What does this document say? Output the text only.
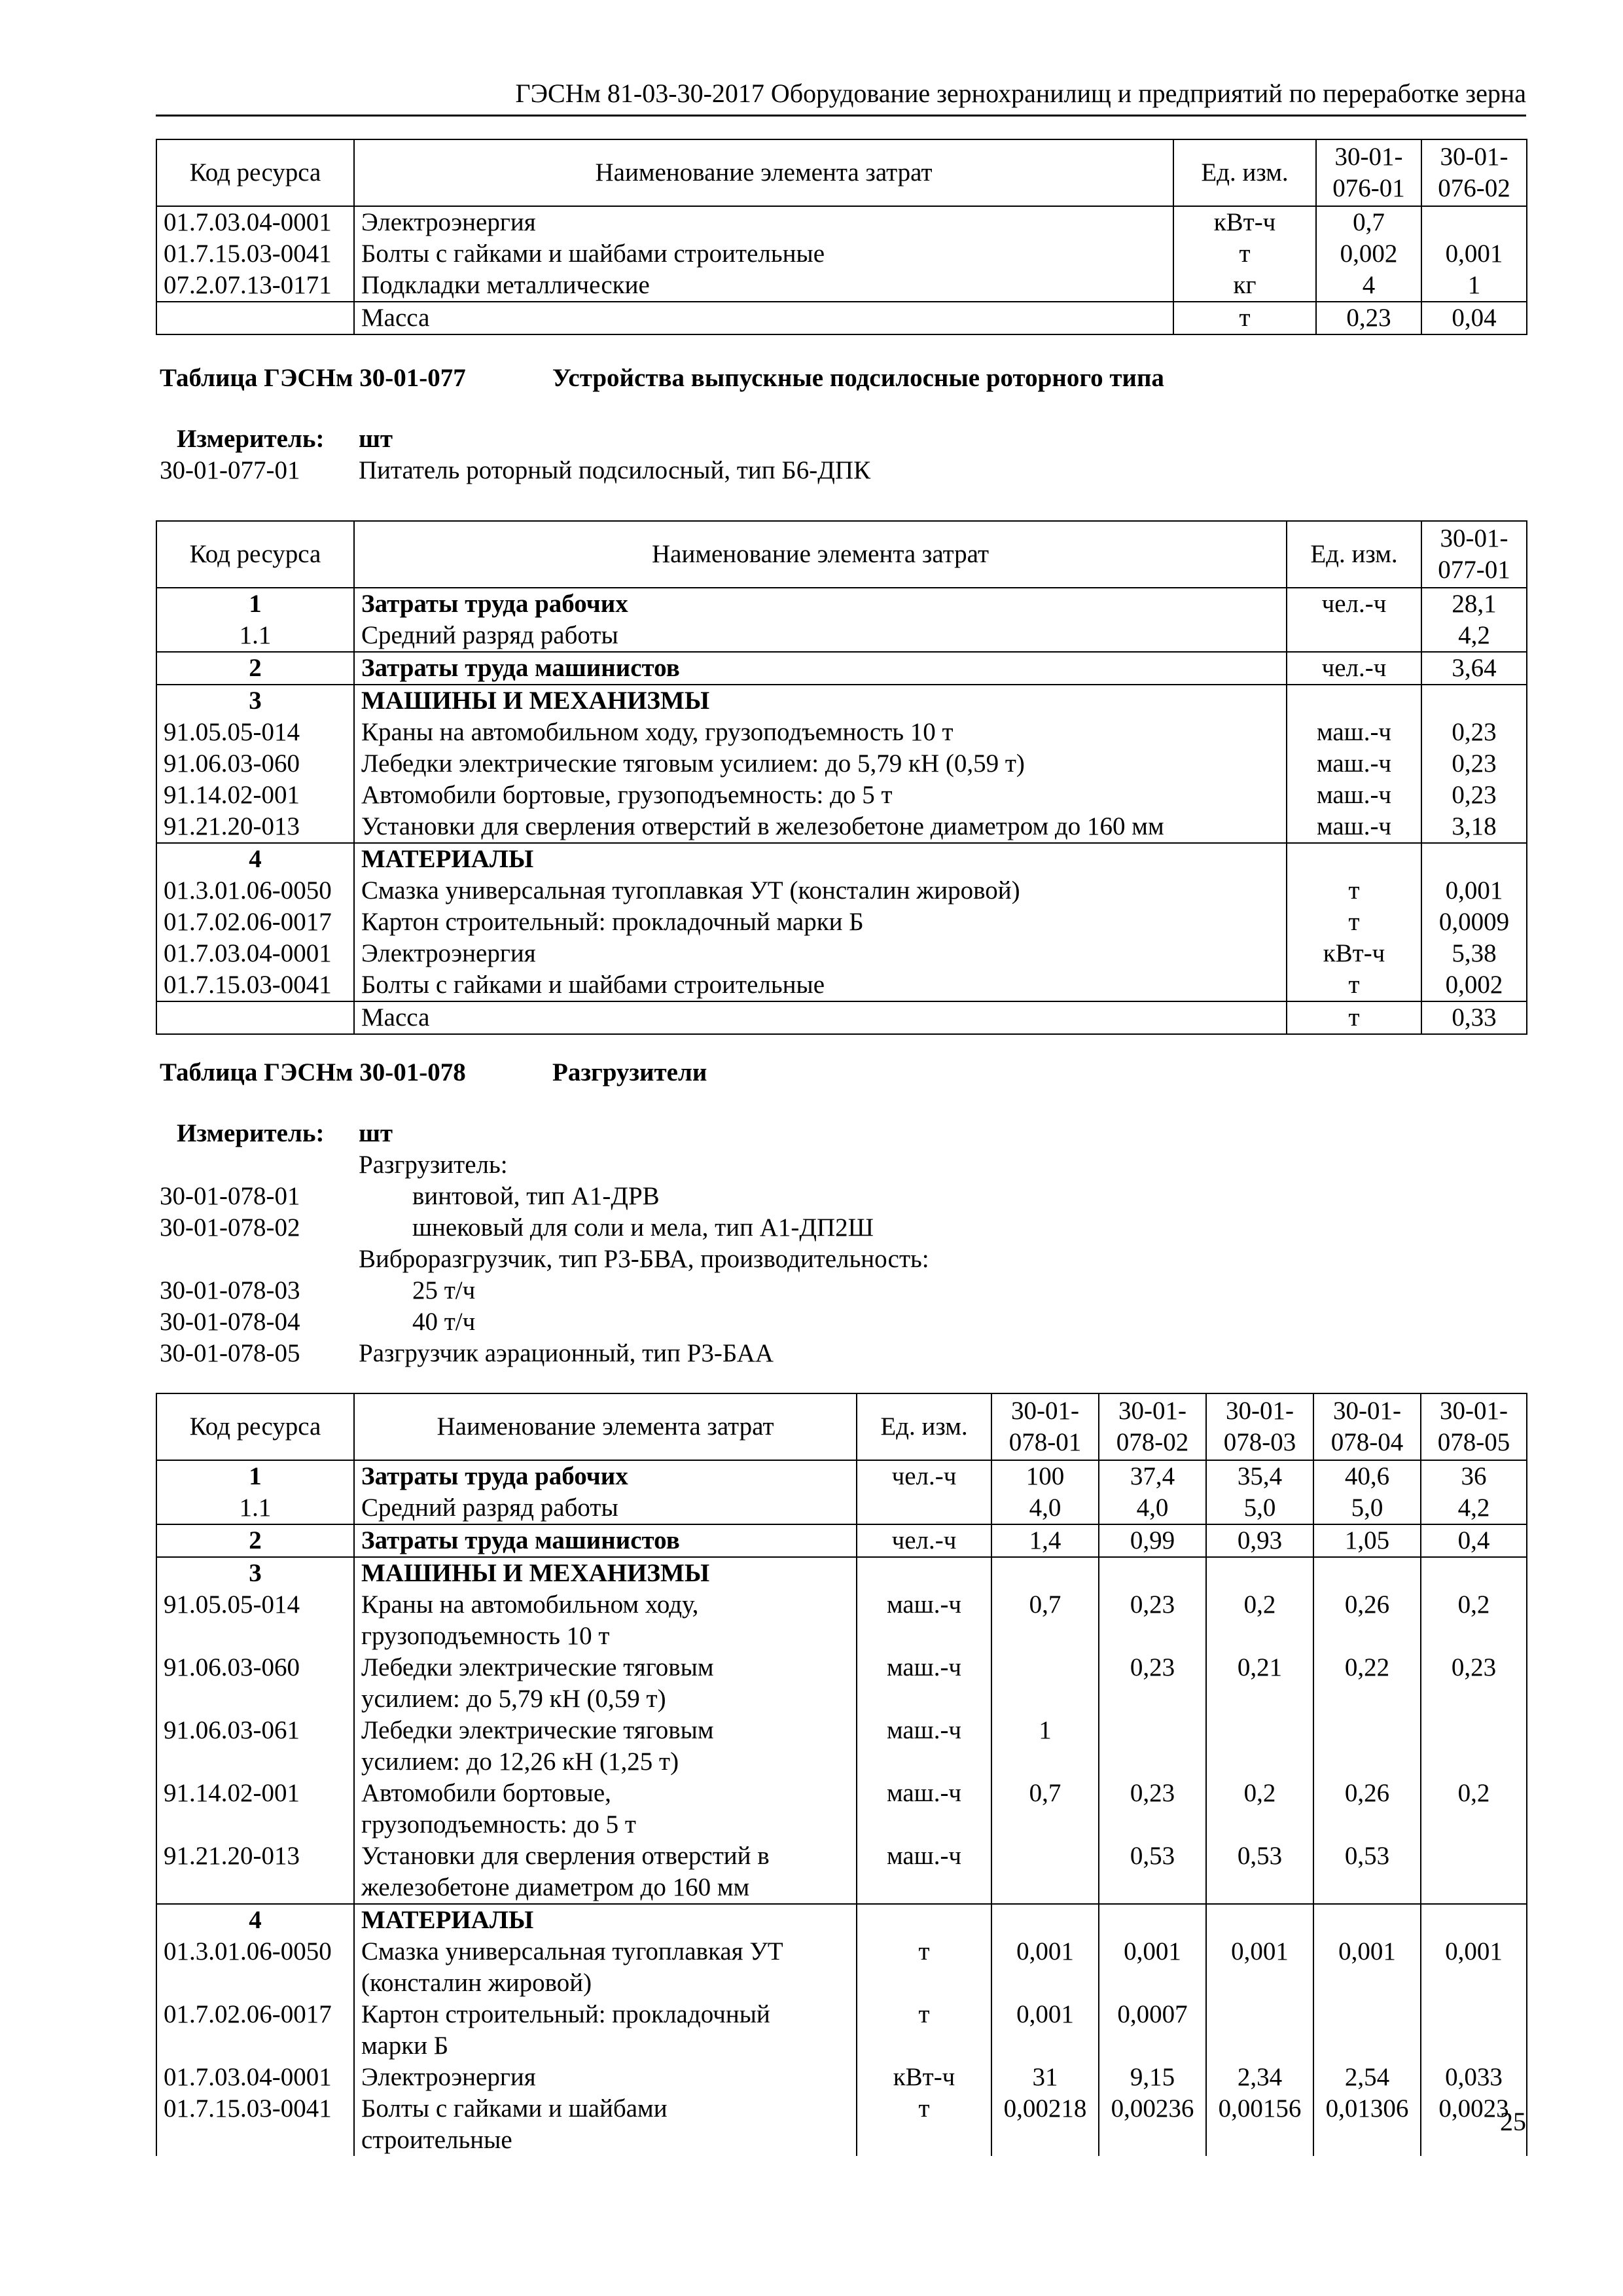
ГЭСНм 81-03-30-2017 Оборудование зернохранилищ и предприятий по переработке зерна
Код ресурса	Наименование элемента затрат	Ед. изм.	30-01-
076-01	30-01-
076-02
01.7.03.04-0001	Электроэнергия	кВт-ч	0,7	
01.7.15.03-0041	Болты с гайками и шайбами строительные	т	0,002	0,001
07.2.07.13-0171	Подкладки металлические	кг	4	1
	Масса	т	0,23	0,04
Таблица ГЭСНм 30-01-077	Устройства выпускные подсилосные роторного типа
Измеритель: шт
30-01-077-01 Питатель роторный подсилосный, тип Б6-ДПК
Код ресурса	Наименование элемента затрат	Ед. изм.	30-01-
077-01
1	Затраты труда рабочих	чел.-ч	28,1
1.1	Средний разряд работы		4,2
2	Затраты труда машинистов	чел.-ч	3,64
3	МАШИНЫ И МЕХАНИЗМЫ		
91.05.05-014	Краны на автомобильном ходу, грузоподъемность 10 т	маш.-ч	0,23
91.06.03-060	Лебедки электрические тяговым усилием: до 5,79 кН (0,59 т)	маш.-ч	0,23
91.14.02-001	Автомобили бортовые, грузоподъемность: до 5 т	маш.-ч	0,23
91.21.20-013	Установки для сверления отверстий в железобетоне диаметром до 160 мм	маш.-ч	3,18
4	МАТЕРИАЛЫ		
01.3.01.06-0050	Смазка универсальная тугоплавкая УТ (консталин жировой)	т	0,001
01.7.02.06-0017	Картон строительный: прокладочный марки Б	т	0,0009
01.7.03.04-0001	Электроэнергия	кВт-ч	5,38
01.7.15.03-0041	Болты с гайками и шайбами строительные	т	0,002
	Масса	т	0,33
Таблица ГЭСНм 30-01-078	Разгрузители
Измеритель: шт
Разгрузитель:
30-01-078-01	винтовой, тип А1-ДРВ
30-01-078-02	шнековый для соли и мела, тип А1-ДП2Ш
Виброразгрузчик, тип Р3-БВА, производительность:
30-01-078-03	25 т/ч
30-01-078-04	40 т/ч
30-01-078-05 Разгрузчик аэрационный, тип Р3-БАА
Код ресурса	Наименование элемента затрат	Ед. изм.	30-01-
078-01	30-01-
078-02	30-01-
078-03	30-01-
078-04	30-01-
078-05
1	Затраты труда рабочих	чел.-ч	100	37,4	35,4	40,6	36
1.1	Средний разряд работы		4,0	4,0	5,0	5,0	4,2
2	Затраты труда машинистов	чел.-ч	1,4	0,99	0,93	1,05	0,4
3	МАШИНЫ И МЕХАНИЗМЫ						
91.05.05-014	Краны на автомобильном ходу,
грузоподъемность 10 т	маш.-ч	0,7	0,23	0,2	0,26	0,2
91.06.03-060	Лебедки электрические тяговым
усилием: до 5,79 кН (0,59 т)	маш.-ч		0,23	0,21	0,22	0,23
91.06.03-061	Лебедки электрические тяговым
усилием: до 12,26 кН (1,25 т)	маш.-ч	1				
91.14.02-001	Автомобили бортовые,
грузоподъемность: до 5 т	маш.-ч	0,7	0,23	0,2	0,26	0,2
91.21.20-013	Установки для сверления отверстий в
железобетоне диаметром до 160 мм	маш.-ч		0,53	0,53	0,53	
4	МАТЕРИАЛЫ						
01.3.01.06-0050	Смазка универсальная тугоплавкая УТ
(консталин жировой)	т	0,001	0,001	0,001	0,001	0,001
01.7.02.06-0017	Картон строительный: прокладочный
марки Б	т	0,001	0,0007			
01.7.03.04-0001	Электроэнергия	кВт-ч	31	9,15	2,34	2,54	0,033
01.7.15.03-0041	Болты с гайками и шайбами
строительные	т	0,00218	0,00236	0,00156	0,01306	0,0023
25
